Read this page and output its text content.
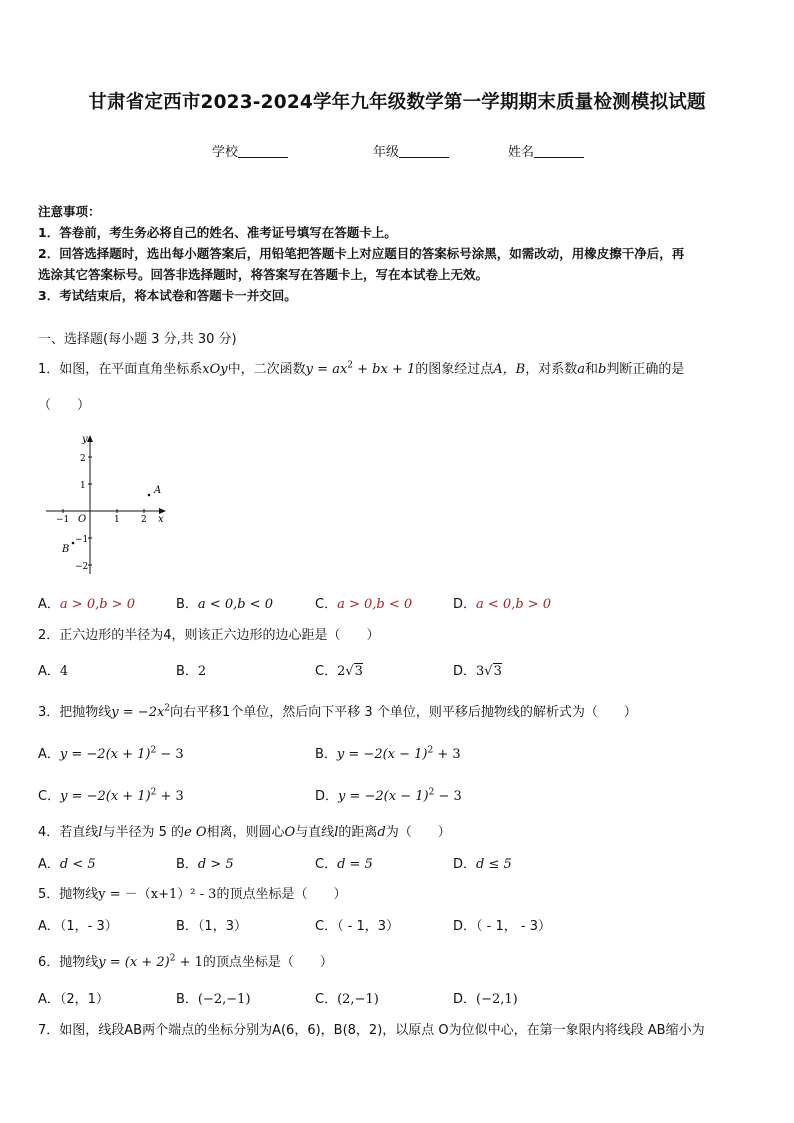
甘肃省定西市2023-2024学年九年级数学第一学期期末质量检测模拟试题
学校	年级	姓名
注意事项：
1．答卷前，考生务必将自己的姓名、准考证号填写在答题卡上。
2．回答选择题时，选出每小题答案后，用铅笔把答题卡上对应题目的答案标号涂黑，如需改动，用橡皮擦干净后，再
选涂其它答案标号。回答非选择题时，将答案写在答题卡上，写在本试卷上无效。
3．考试结束后，将本试卷和答题卡一并交回。
一、选择题(每小题 3 分,共 30 分)
1．如图，在平面直角坐标系xOy中，二次函数$y = ax^2$ + bx + 1的图象经过点A，B，对系数a和b判断正确的是
（　　）
y
x
2
1
−1
−2
−1	1 2
O
A
B
A．a > 0,b > 0	B．a < 0,b < 0	C．a > 0,b < 0	D．a < 0,b > 0
2．正六边形的半径为4，则该正六边形的边心距是（　　）
A．4	B．2	C．2√3	D．3√3
3．把抛物线$y = -2x^2$向右平移1个单位，然后向下平移 3 个单位，则平移后抛物线的解析式为（　　）
A．$y = -2(x + 1)^2 - 3$	B．$y = -2(x - 1)^2 + 3$
C．$y = -2(x + 1)^2 + 3$	D．$y = -2(x - 1)^2 - 3$
4．若直线l与半径为 5 的e O相离，则圆心O与直线l的距离d为（　　）
A．d < 5	B．d > 5	C．d = 5	D．d ≤ 5
5．抛物线y = －（x+1）² - 3的顶点坐标是（　　）
A．（1，- 3）	B．（1，3）	C．（ - 1，3）	D．（ - 1， - 3）
6．抛物线$y = (x + 2)^2 + 1$的顶点坐标是（　　）
A．（2，1）	B．(−2,−1)	C．(2,−1)	D．(−2,1)
7．如图，线段AB两个端点的坐标分别为A(6，6)，B(8，2)，以原点 O为位似中心，在第一象限内将线段 AB缩小为
